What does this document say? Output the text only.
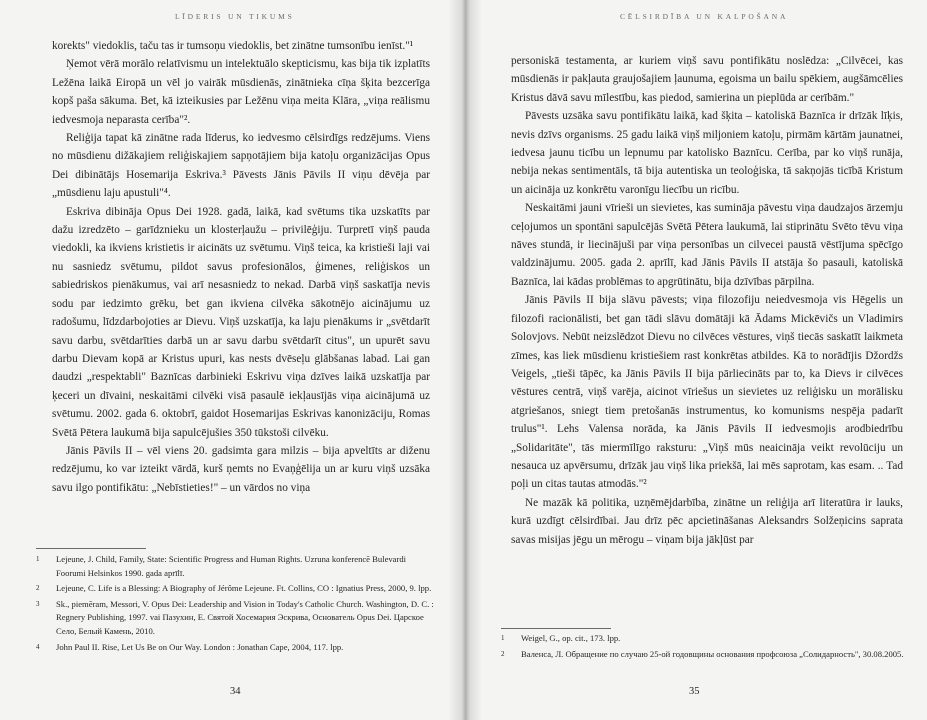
LĪDERIS UN TIKUMS

korekts" viedoklis, taču tas ir tumsoņu viedoklis, bet zinātne tumsonību ienīst."¹

Ņemot vērā morālo relatīvismu un intelektuālo skepticismu, kas bija tik izplatīts Ležēna laikā Eiropā un vēl jo vairāk mūsdienās, zinātnieka cīņa šķita bezcerīga kopš paša sākuma. Bet, kā izteikusies par Ležēnu viņa meita Klāra, „viņa reālismu iedvesmoja neparasta cerība"².

Reliģija tapat kā zinātne rada līderus, ko iedvesmo cēlsirdīgs redzējums. Viens no mūsdienu dižākajiem reliģiskajiem sapņotājiem bija katoļu organizācijas Opus Dei dibinātājs Hosemarija Eskriva.³ Pāvests Jānis Pāvils II viņu dēvēja par „mūsdienu laju apustuli"⁴.

Eskriva dibināja Opus Dei 1928. gadā, laikā, kad svētums tika uzskatīts par dažu izredzēto – garīdznieku un klosterļaužu – privilēģiju. Turpretī viņš pauda viedokli, ka ikviens kristietis ir aicināts uz svētumu. Viņš teica, ka kristieši laji vai nu sasniedz svētumu, pildot savus profesionālos, ģimenes, reliģiskos un sabiedriskos pienākumus, vai arī nesasniedz to nekad. Darbā viņš saskatīja nevis sodu par iedzimto grēku, bet gan ikviena cilvēka sākotnējo aicinājumu uz radošumu, līdzdarbojoties ar Dievu. Viņš uzskatīja, ka laju pienākums ir „svētdarīt savu darbu, svētdarīties darbā un ar savu darbu svētdarīt citus", un upurēt savu darbu Dievam kopā ar Kristus upuri, kas nests dvēseļu glābšanas labad. Lai gan daudzi „respektabli" Baznīcas darbinieki Eskrivu viņa dzīves laikā uzskatīja par ķeceri un dīvaini, neskaitāmi cilvēki visā pasaulē iekļausījās viņa aicinājumā uz svētumu. 2002. gada 6. oktobrī, gaidot Hosemarijas Eskrivas kanonizāciju, Romas Svētā Pētera laukumā bija sapulcējušies 350 tūkstoši cilvēku.

Jānis Pāvils II – vēl viens 20. gadsimta gara milzis – bija apveltīts ar diženu redzējumu, ko var izteikt vārdā, kurš ņemts no Evaņģēlija un ar kuru viņš uzsāka savu ilgo pontifikātu: „Nebīstieties!" – un vārdos no viņa

1	Lejeune, J. Child, Family, State: Scientific Progress and Human Rights. Uzruna konferencē Bulevardi Foorumi Helsinkos 1990. gada aprīlī.
2	Lejeune, C. Life is a Blessing: A Biography of Jérôme Lejeune. Ft. Collins, CO : Ignatius Press, 2000, 9. lpp.
3	Sk., piemēram, Messori, V. Opus Dei: Leadership and Vision in Today's Catholic Church. Washington, D. C. : Regnery Publishing, 1997. vai Пазухин, Е. Святой Хосемария Эскрива, Основатель Opus Dei. Царское Село, Белый Камень, 2010.
4	John Paul II. Rise, Let Us Be on Our Way. London : Jonathan Cape, 2004, 117. lpp.
34
CĒLSIRDĪBA UN KALPOŠANA

personiskā testamenta, ar kuriem viņš savu pontifikātu noslēdza: „Cilvēcei, kas mūsdienās ir pakļauta graujošajiem ļaunuma, egoisma un bailu spēkiem, augšāmcēlies Kristus dāvā savu mīlestību, kas piedod, samierina un pieplūda ar cerībām."

Pāvests uzsāka savu pontifikātu laikā, kad šķita – katoliskā Baznīca ir drīzāk līķis, nevis dzīvs organisms. 25 gadu laikā viņš miljoniem katoļu, pirmām kārtām jaunatnei, iedvesa jaunu ticību un lepnumu par katolisko Baznīcu. Cerība, par ko viņš runāja, nebija nekas sentimentāls, tā bija autentiska un teoloģiska, tā sakņojās ticībā Kristum un aicināja uz konkrētu varonīgu liecību un ricību.

Neskaitāmi jauni vīrieši un sievietes, kas sumināja pāvestu viņa daudzajos ārzemju ceļojumos un spontāni sapulcējās Svētā Pētera laukumā, lai stiprinātu Svēto tēvu viņa nāves stundā, ir liecinājuši par viņa personības un cilvecei paustā vēstījuma spēcīgo valdzinājumu. 2005. gada 2. aprīlī, kad Jānis Pāvils II atstāja šo pasauli, katoliskā Baznīca, lai kādas problēmas to apgrūtinātu, bija dzīvības pārpilna.

Jānis Pāvils II bija slāvu pāvests; viņa filozofiju neiedvesmoja vis Hēgelis un filozofi racionālisti, bet gan tādi slāvu domātāji kā Ādams Mickēvičs un Vladimirs Solovjovs. Nebūt neizslēdzot Dievu no cilvēces vēstures, viņš tiecās saskatīt laikmeta zīmes, kas liek mūsdienu kristiešiem rast konkrētas atbildes. Kā to norādījis Džordžs Veigels, „tieši tāpēc, ka Jānis Pāvils II bija pārliecināts par to, ka Dievs ir cilvēces vēstures centrā, viņš varēja, aicinot vīriešus un sievietes uz reliģisku un morālisku atgriešanos, sniegt tiem pretošanās instrumentus, ko komunisms nespēja padarīt trulus"¹. Lehs Valensa norāda, ka Jānis Pāvils II iedvesmojis arodbiedrību „Solidaritāte", tās miermīlīgo raksturu: „Viņš mūs neaicināja veikt revolūciju un nesauca uz apvērsumu, drīzāk jau viņš lika priekšā, lai mēs saprotam, kas esam. .. Tad poļi un citas tautas atmodās."²

Ne mazāk kā politika, uzņēmējdarbība, zinātne un reliģija arī literatūra ir lauks, kurā uzdīgt cēlsirdībai. Jau drīz pēc apcietināšanas Aleksandrs Solžeņicins saprata savas misijas jēgu un mērogu – viņam bija jākļūst par

1	Weigel, G., op. cit., 173. lpp.
2	Валенса, Л. Обращение по случаю 25-ой годовщины основания профсоюза „Солидарность", 30.08.2005.
35
